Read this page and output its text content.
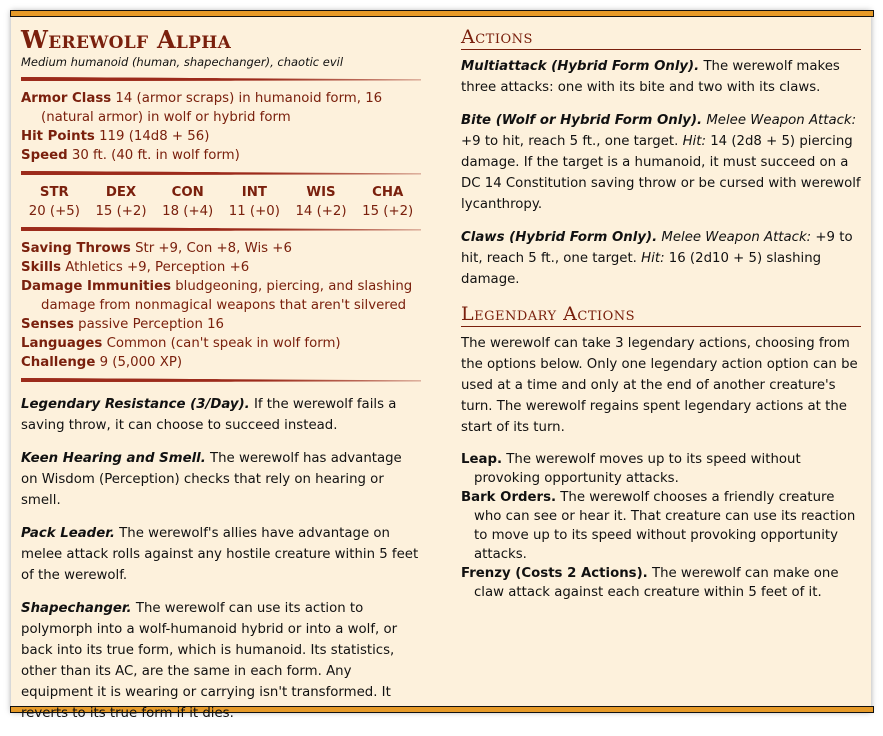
Werewolf Alpha
Medium humanoid (human, shapechanger), chaotic evil
Armor Class 14 (armor scraps) in humanoid form, 16 (natural armor) in wolf or hybrid form
Hit Points 119 (14d8 + 56)
Speed 30 ft. (40 ft. in wolf form)
STR
20 (+5)
DEX
15 (+2)
CON
18 (+4)
INT
11 (+0)
WIS
14 (+2)
CHA
15 (+2)
Saving Throws Str +9, Con +8, Wis +6
Skills Athletics +9, Perception +6
Damage Immunities bludgeoning, piercing, and slashing damage from nonmagical weapons that aren't silvered
Senses passive Perception 16
Languages Common (can't speak in wolf form)
Challenge 9 (5,000 XP)

Legendary Resistance (3/Day). If the werewolf fails a saving throw, it can choose to succeed instead.

Keen Hearing and Smell. The werewolf has advantage on Wisdom (Perception) checks that rely on hearing or smell.

Pack Leader. The werewolf's allies have advantage on melee attack rolls against any hostile creature within 5 feet of the werewolf.

Shapechanger. The werewolf can use its action to polymorph into a wolf-humanoid hybrid or into a wolf, or back into its true form, which is humanoid. Its statistics, other than its AC, are the same in each form. Any equipment it is wearing or carrying isn't transformed. It reverts to its true form if it dies.

Actions

Multiattack (Hybrid Form Only). The werewolf makes three attacks: one with its bite and two with its claws.

Bite (Wolf or Hybrid Form Only). Melee Weapon Attack: +9 to hit, reach 5 ft., one target. Hit: 14 (2d8 + 5) piercing damage. If the target is a humanoid, it must succeed on a DC 14 Constitution saving throw or be cursed with werewolf lycanthropy.

Claws (Hybrid Form Only). Melee Weapon Attack: +9 to hit, reach 5 ft., one target. Hit: 16 (2d10 + 5) slashing damage.

Legendary Actions

The werewolf can take 3 legendary actions, choosing from the options below. Only one legendary action option can be used at a time and only at the end of another creature's turn. The werewolf regains spent legendary actions at the start of its turn.

Leap. The werewolf moves up to its speed without provoking opportunity attacks.
Bark Orders. The werewolf chooses a friendly creature who can see or hear it. That creature can use its reaction to move up to its speed without provoking opportunity attacks.
Frenzy (Costs 2 Actions). The werewolf can make one claw attack against each creature within 5 feet of it.
